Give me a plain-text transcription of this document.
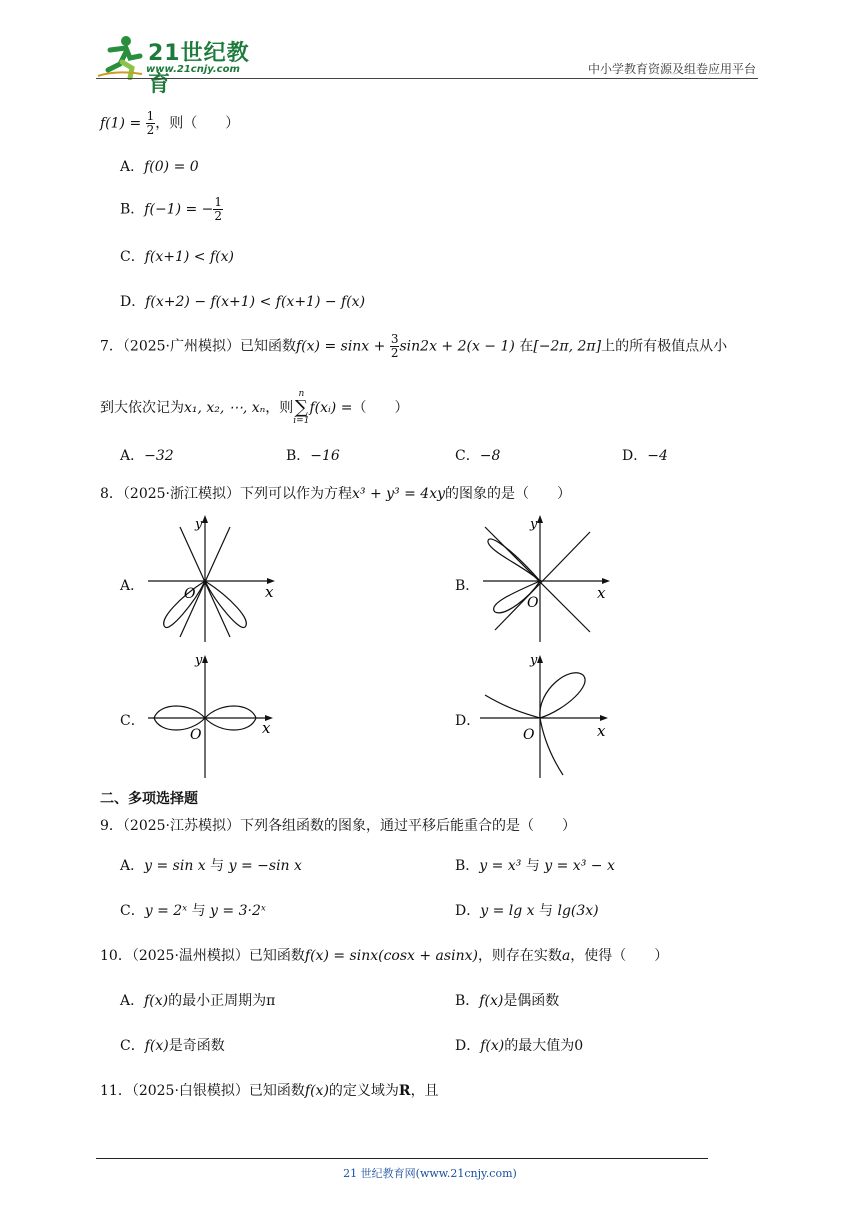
21世纪教育
www.21cnjy.com	中小学教育资源及组卷应用平台
$f(1) = \frac{1}{2}$ ，则（　　）
A．f(0) = 0
B．f(−1) = − $\frac{1}{2}$
C．f(x+1) < f(x)
D．f(x+2) − f(x+1) < f(x+1) − f(x)
7．（2025·广州模拟）已知函数$f(x) = \sin x + \frac{3}{2} \sin 2x + 2(x - 1)$ 在[−2π, 2π]上的所有极值点从小
到大依次记为x₁, x₂, ⋯, xₙ，则
n
∑
i=1
f(xᵢ) =（　　）
A．−32	B．−16	C．−8	D．−4
8．（2025·浙江模拟）下列可以作为方程x³ + y³ = 4xy的图象的是（　　）
A．
y
x
O	B．
y
x
O
C．
y
x
O
D．
y
x
O
二、多项选择题
9．（2025·江苏模拟）下列各组函数的图象，通过平移后能重合的是（　　）
A．y = sin x 与 y = −sin x	B．y = x³ 与 y = x³ − x
C．y = 2ˣ 与 y = 3·2ˣ	D．y = lg x 与 lg(3x)
10．（2025·温州模拟）已知函数f(x) = sinx(cosx + asinx)，则存在实数a，使得（　　）
A．f(x)的最小正周期为π	B．f(x)是偶函数
C．f(x)是奇函数	D．f(x)的最大值为0
11．（2025·白银模拟）已知函数f(x)的定义域为R，且
21 世纪教育网(www.21cnjy.com)
